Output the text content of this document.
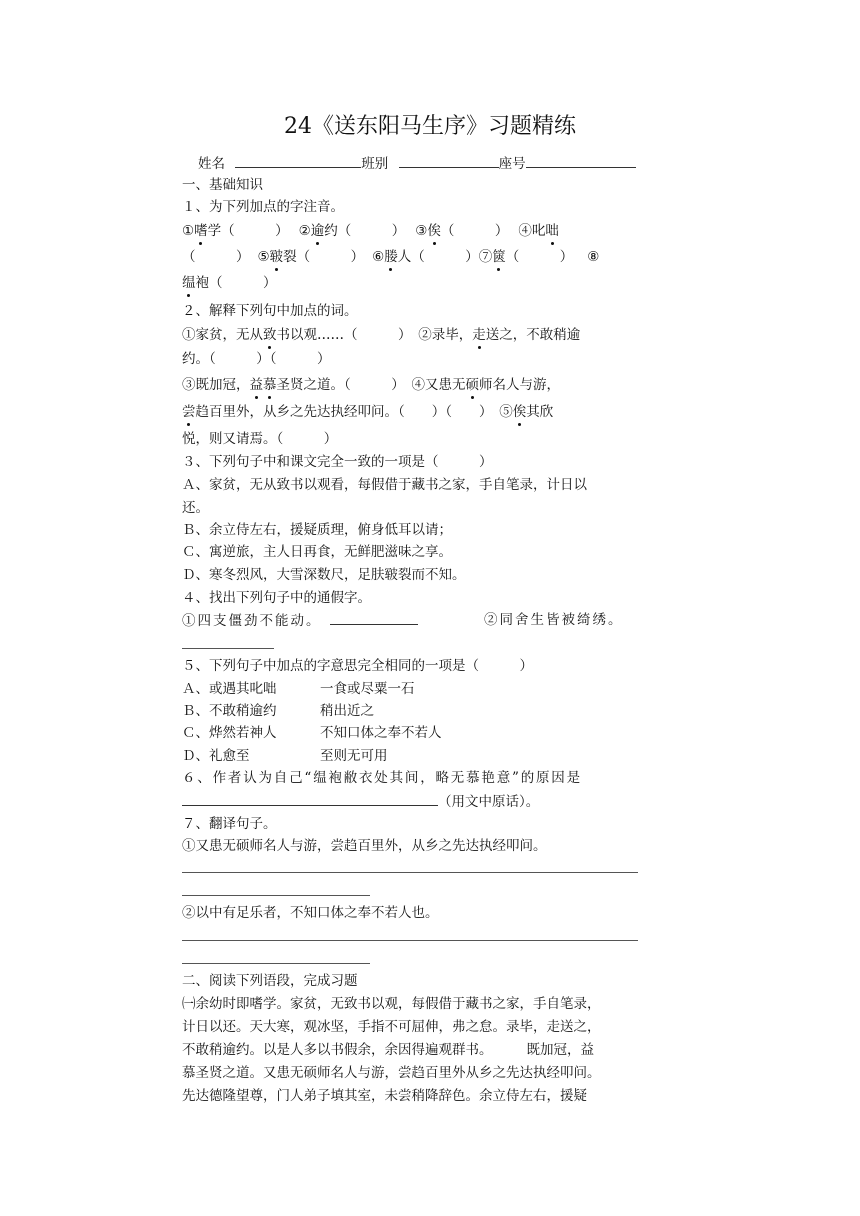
24《送东阳马生序》习题精练
姓名	班别	座号
一、基础知识
１、为下列加点的字注音。
①嗜学（　　　） ②逾约（　　　） ③俟（　　　） ④叱咄
（　　　） ⑤皲裂（　　　） ⑥媵人（　　　）⑦篋（　　　） ⑧
缊袍（　　　）
２、解释下列句中加点的词。
①家贫，无从致书以观……（　　　）　②录毕，走送之，不敢稍逾
约。（　　　）（　　　）
③既加冠，益慕圣贤之道。（　　　）　④又患无硕师名人与游，
尝趋百里外，从乡之先达执经叩问。（　　）（　　）　⑤俟其欣
悦，则又请焉。（　　　）
３、下列句子中和课文完全一致的一项是（　　　）
Ａ、家贫，无从致书以观看，每假借于藏书之家，手自笔录，计日以
还。
Ｂ、余立侍左右，援疑质理，俯身低耳以请；
Ｃ、寓逆旅，主人日再食，无鲜肥滋味之享。
Ｄ、寒冬烈风，大雪深数尺，足肤皲裂而不知。
４、找出下列句子中的通假字。
①四支僵劲不能动。	②同舍生皆被绮绣。
５、下列句子中加点的字意思完全相同的一项是（　　　）
Ａ、或遇其叱咄	一食或尽粟一石
Ｂ、不敢稍逾约	稍出近之
Ｃ、烨然若神人	不知口体之奉不若人
Ｄ、礼愈至	至则无可用
６、作者认为自己“缊袍敝衣处其间，略无慕艳意”的原因是
（用文中原话）。
７、翻译句子。
①又患无硕师名人与游，尝趋百里外，从乡之先达执经叩问。
②以中有足乐者，不知口体之奉不若人也。
二、阅读下列语段，完成习题
㈠余幼时即嗜学。家贫，无致书以观，每假借于藏书之家，手自笔录，
计日以还。天大寒，观冰坚，手指不可屈伸，弗之怠。录毕，走送之，
不敢稍逾约。以是人多以书假余，余因得遍观群书。	既加冠，益
慕圣贤之道。又患无硕师名人与游，尝趋百里外从乡之先达执经叩问。
先达德隆望尊，门人弟子填其室，未尝稍降辞色。余立侍左右，援疑
